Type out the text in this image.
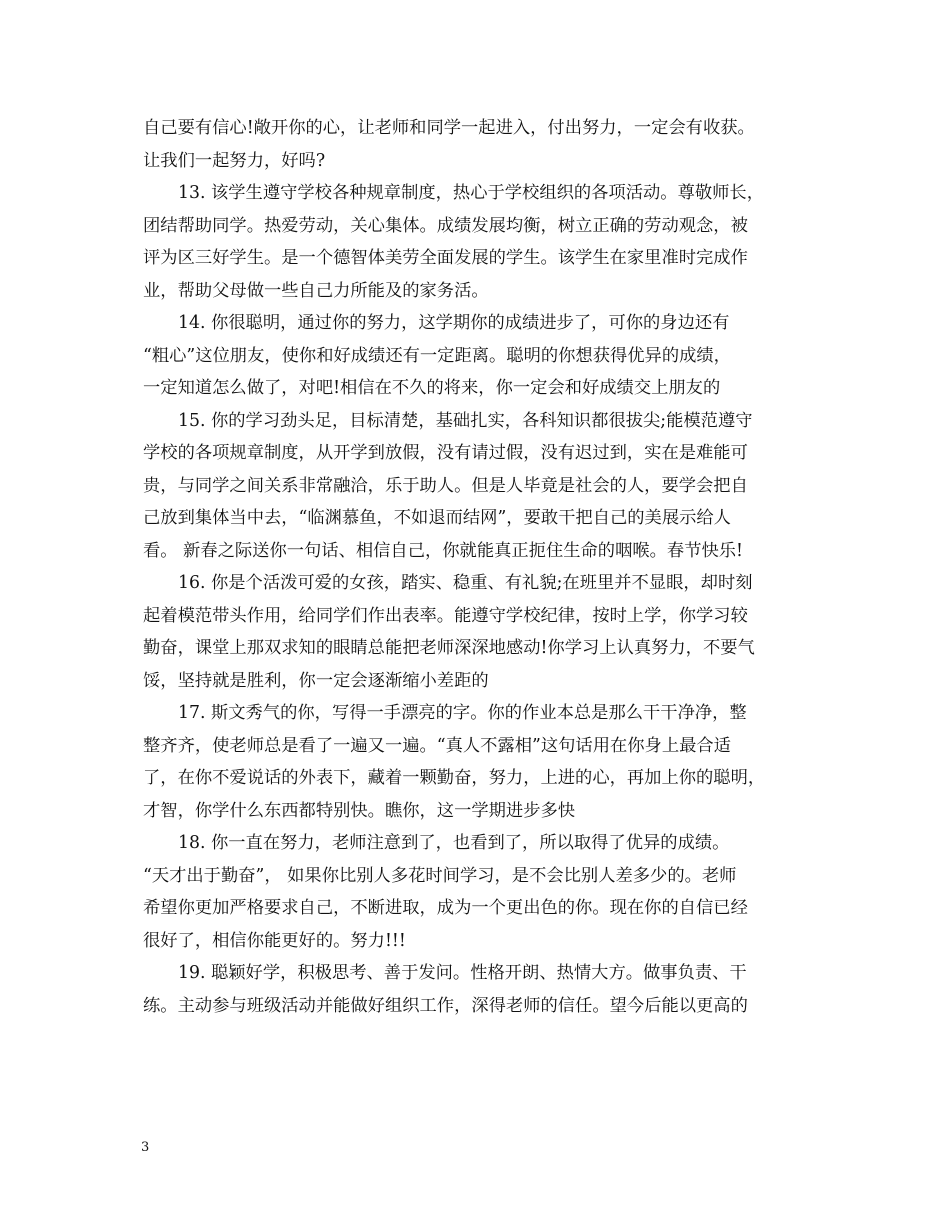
自己要有信心!敞开你的心，让老师和同学一起进入，付出努力，一定会有收获。
让我们一起努力，好吗?
13. 该学生遵守学校各种规章制度，热心于学校组织的各项活动。尊敬师长，
团结帮助同学。热爱劳动，关心集体。成绩发展均衡，树立正确的劳动观念，被
评为区三好学生。是一个德智体美劳全面发展的学生。该学生在家里准时完成作
业，帮助父母做一些自己力所能及的家务活。
14. 你很聪明，通过你的努力，这学期你的成绩进步了，可你的身边还有
“粗心”这位朋友，使你和好成绩还有一定距离。聪明的你想获得优异的成绩，
一定知道怎么做了，对吧!相信在不久的将来，你一定会和好成绩交上朋友的
15. 你的学习劲头足，目标清楚，基础扎实，各科知识都很拔尖;能模范遵守
学校的各项规章制度，从开学到放假，没有请过假，没有迟过到，实在是难能可
贵，与同学之间关系非常融洽，乐于助人。但是人毕竟是社会的人，要学会把自
己放到集体当中去，“临渊慕鱼，不如退而结网”，要敢干把自己的美展示给人
看。 新春之际送你一句话、相信自己，你就能真正扼住生命的咽喉。春节快乐!
16. 你是个活泼可爱的女孩，踏实、稳重、有礼貌;在班里并不显眼，却时刻
起着模范带头作用，给同学们作出表率。能遵守学校纪律，按时上学，你学习较
勤奋，课堂上那双求知的眼睛总能把老师深深地感动!你学习上认真努力，不要气
馁，坚持就是胜利，你一定会逐渐缩小差距的
17. 斯文秀气的你，写得一手漂亮的字。你的作业本总是那么干干净净，整
整齐齐，使老师总是看了一遍又一遍。“真人不露相”这句话用在你身上最合适
了，在你不爱说话的外表下，藏着一颗勤奋，努力，上进的心，再加上你的聪明，
才智，你学什么东西都特别快。瞧你，这一学期进步多快
18. 你一直在努力，老师注意到了，也看到了，所以取得了优异的成绩。
“天才出于勤奋”， 如果你比别人多花时间学习，是不会比别人差多少的。老师
希望你更加严格要求自己，不断进取，成为一个更出色的你。现在你的自信已经
很好了，相信你能更好的。努力!!!
19. 聪颖好学，积极思考、善于发问。性格开朗、热情大方。做事负责、干
练。主动参与班级活动并能做好组织工作，深得老师的信任。望今后能以更高的
3
